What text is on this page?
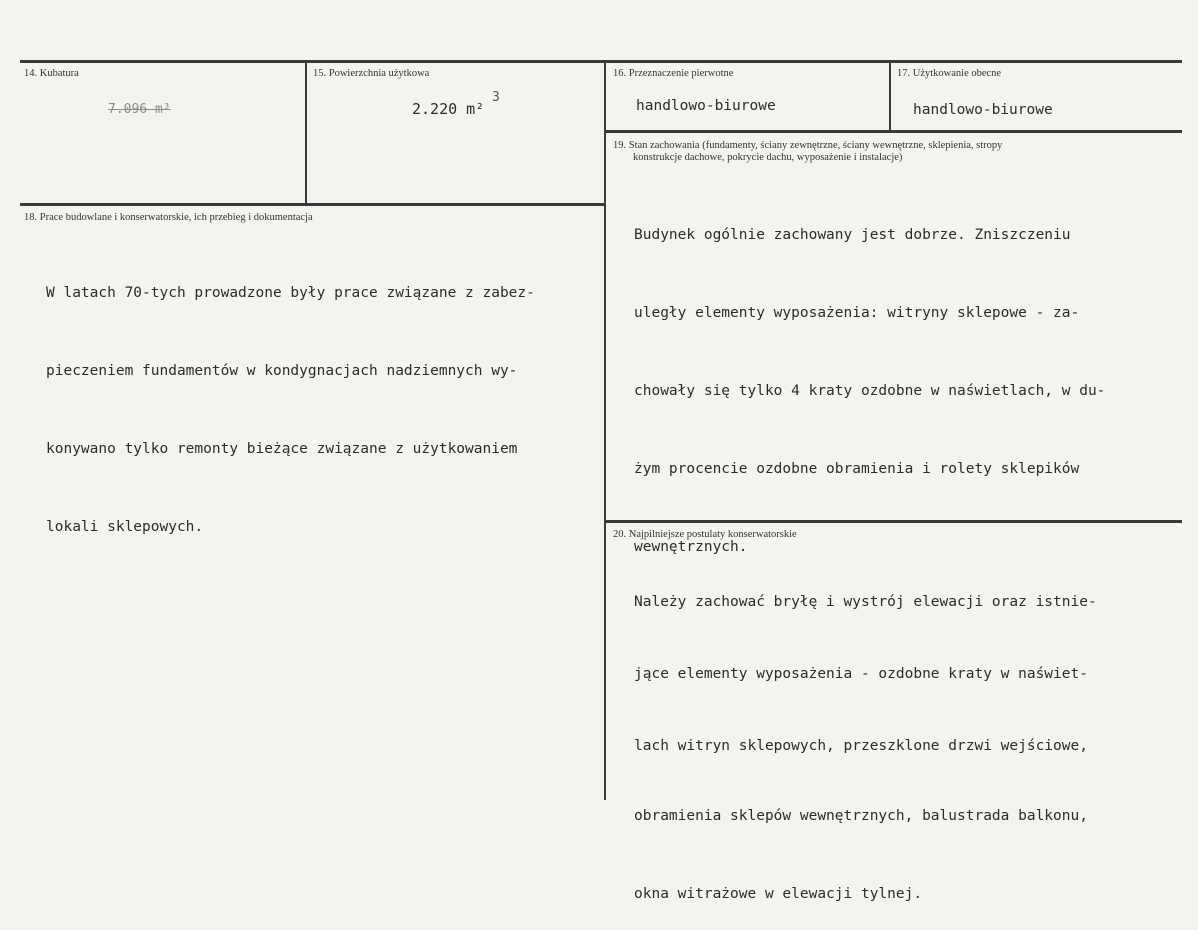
14. Kubatura
7.096 m³
15. Powierzchnia użytkowa
2.220 m²
3
16. Przeznaczenie pierwotne
handlowo-biurowe
17. Użytkowanie obecne
handlowo-biurowe
18. Prace budowlane i konserwatorskie, ich przebieg i dokumentacja

W latach 70-tych prowadzone były prace związane z zabez-

pieczeniem fundamentów w kondygnacjach nadziemnych wy-

konywano tylko remonty bieżące związane z użytkowaniem

lokali sklepowych.

19. Stan zachowania (fundamenty, ściany zewnętrzne, ściany wewnętrzne, sklepienia, stropy
konstrukcje dachowe, pokrycie dachu, wyposażenie i instalacje)

Budynek ogólnie zachowany jest dobrze. Zniszczeniu

uległy elementy wyposażenia: witryny sklepowe - za-

chowały się tylko 4 kraty ozdobne w naświetlach, w du-

żym procencie ozdobne obramienia i rolety sklepików

wewnętrznych.

20. Najpilniejsze postulaty konserwatorskie

Należy zachować bryłę i wystrój elewacji oraz istnie-

jące elementy wyposażenia - ozdobne kraty w naświet-

lach witryn sklepowych, przeszklone drzwi wejściowe,

obramienia sklepów wewnętrznych, balustrada balkonu,

okna witrażowe w elewacji tylnej.
